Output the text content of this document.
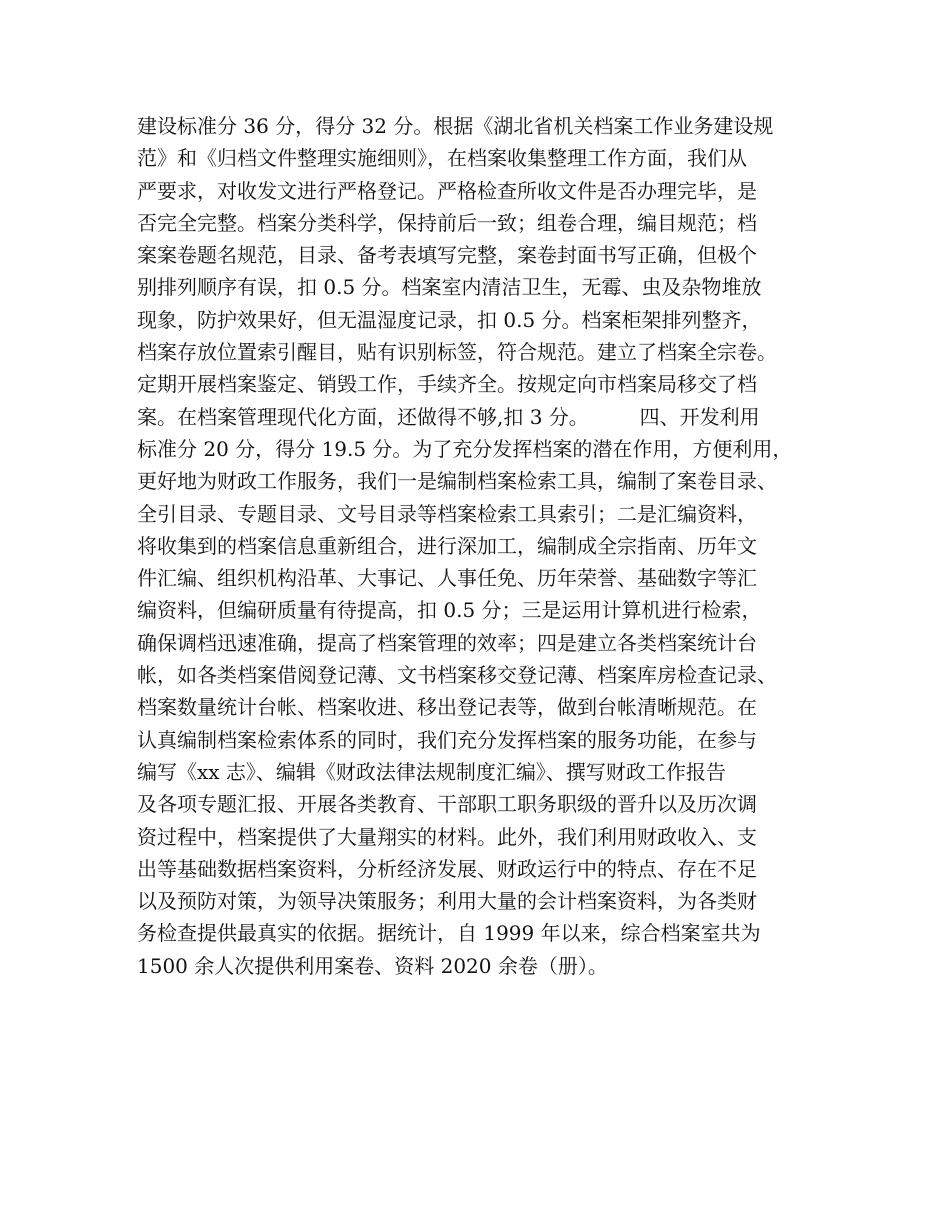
建设标准分 36 分，得分 32 分。根据《湖北省机关档案工作业务建设规
范》和《归档文件整理实施细则》，在档案收集整理工作方面，我们从
严要求，对收发文进行严格登记。严格检查所收文件是否办理完毕，是
否完全完整。档案分类科学，保持前后一致；组卷合理，编目规范；档
案案卷题名规范，目录、备考表填写完整，案卷封面书写正确，但极个
别排列顺序有误，扣 0.5 分。档案室内清洁卫生，无霉、虫及杂物堆放
现象，防护效果好，但无温湿度记录，扣 0.5 分。档案柜架排列整齐，
档案存放位置索引醒目，贴有识别标签，符合规范。建立了档案全宗卷。
定期开展档案鉴定、销毁工作，手续齐全。按规定向市档案局移交了档
案。在档案管理现代化方面，还做得不够,扣 3 分。        四、开发利用
标准分 20 分，得分 19.5 分。为了充分发挥档案的潜在作用，方便利用，
更好地为财政工作服务，我们一是编制档案检索工具，编制了案卷目录、
全引目录、专题目录、文号目录等档案检索工具索引；二是汇编资料，
将收集到的档案信息重新组合，进行深加工，编制成全宗指南、历年文
件汇编、组织机构沿革、大事记、人事任免、历年荣誉、基础数字等汇
编资料，但编研质量有待提高，扣 0.5 分；三是运用计算机进行检索，
确保调档迅速准确，提高了档案管理的效率；四是建立各类档案统计台
帐，如各类档案借阅登记薄、文书档案移交登记薄、档案库房检查记录、
档案数量统计台帐、档案收进、移出登记表等，做到台帐清晰规范。在
认真编制档案检索体系的同时，我们充分发挥档案的服务功能，在参与
编写《xx 志》、编辑《财政法律法规制度汇编》、撰写财政工作报告
及各项专题汇报、开展各类教育、干部职工职务职级的晋升以及历次调
资过程中，档案提供了大量翔实的材料。此外，我们利用财政收入、支
出等基础数据档案资料，分析经济发展、财政运行中的特点、存在不足
以及预防对策，为领导决策服务；利用大量的会计档案资料，为各类财
务检查提供最真实的依据。据统计，自 1999 年以来，综合档案室共为
1500 余人次提供利用案卷、资料 2020 余卷（册）。
